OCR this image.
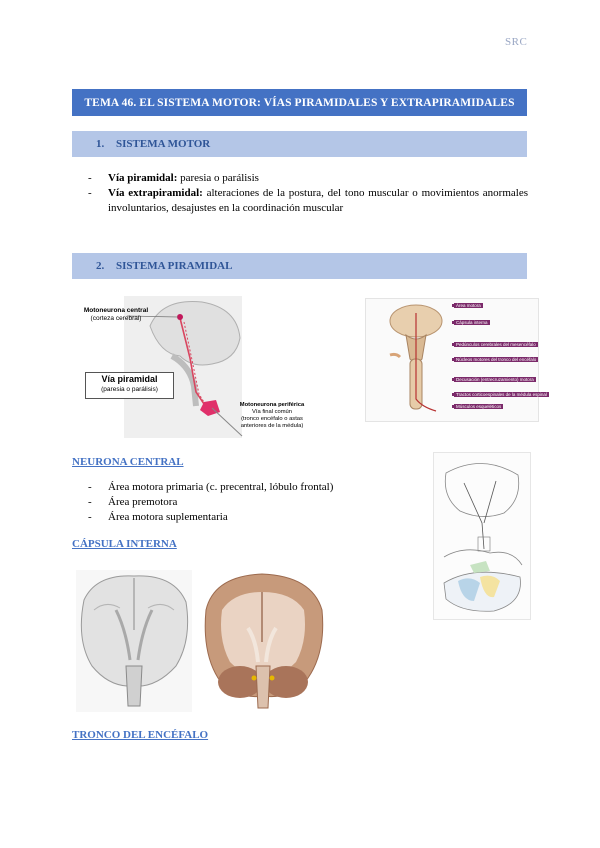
SRC
TEMA 46. EL SISTEMA MOTOR: VÍAS PIRAMIDALES Y EXTRAPIRAMIDALES
1.	SISTEMA MOTOR
- Vía piramidal: paresia o parálisis
- Vía extrapiramidal: alteraciones de la postura, del tono muscular o movimientos anormales involuntarios, desajustes en la coordinación muscular
2.	SISTEMA PIRAMIDAL
Motoneurona central
(corteza cerebral)
Vía piramidal
(paresia o parálisis)
Motoneurona periférica
Vía final común
(tronco encéfalo o astas
anteriores de la médula)
Área motora
Cápsula interna
Pedúnculos cerebrales del mesencéfalo
Núcleos motores del tronco del encéfalo
Decusación (entrecruzamiento) motora
Tractos corticoespinales de la médula espinal
Músculos esqueléticos
NEURONA CENTRAL
- Área motora primaria (c. precentral, lóbulo frontal)
- Área premotora
- Área motora suplementaria
CÁPSULA INTERNA
TRONCO DEL ENCÉFALO
